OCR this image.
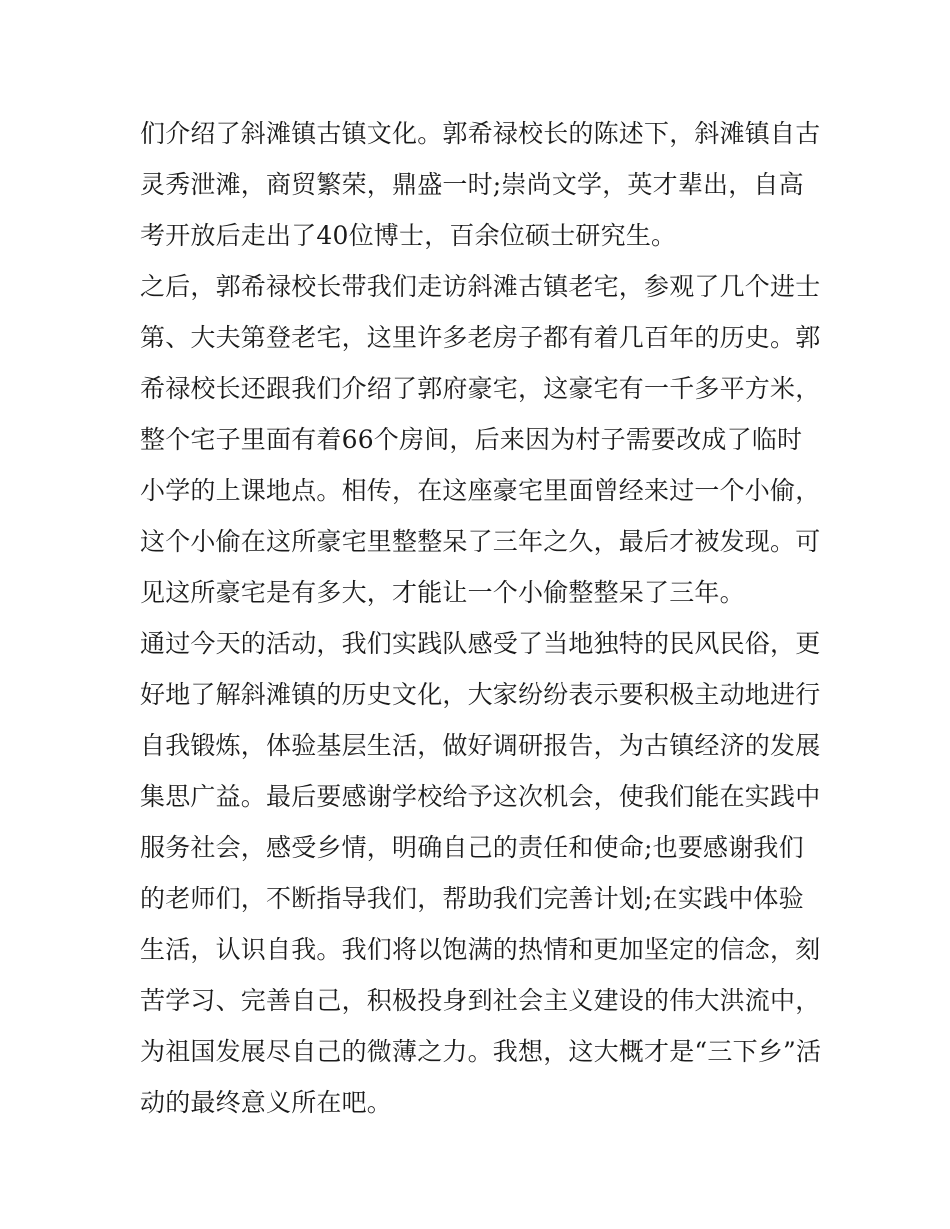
们介绍了斜滩镇古镇文化。郭希禄校长的陈述下，斜滩镇自古
灵秀泄滩，商贸繁荣，鼎盛一时;崇尚文学，英才辈出，自高
考开放后走出了40位博士，百余位硕士研究生。
之后，郭希禄校长带我们走访斜滩古镇老宅，参观了几个进士
第、大夫第登老宅，这里许多老房子都有着几百年的历史。郭
希禄校长还跟我们介绍了郭府豪宅，这豪宅有一千多平方米，
整个宅子里面有着66个房间，后来因为村子需要改成了临时
小学的上课地点。相传，在这座豪宅里面曾经来过一个小偷，
这个小偷在这所豪宅里整整呆了三年之久，最后才被发现。可
见这所豪宅是有多大，才能让一个小偷整整呆了三年。
通过今天的活动，我们实践队感受了当地独特的民风民俗，更
好地了解斜滩镇的历史文化，大家纷纷表示要积极主动地进行
自我锻炼，体验基层生活，做好调研报告，为古镇经济的发展
集思广益。最后要感谢学校给予这次机会，使我们能在实践中
服务社会，感受乡情，明确自己的责任和使命;也要感谢我们
的老师们，不断指导我们，帮助我们完善计划;在实践中体验
生活，认识自我。我们将以饱满的热情和更加坚定的信念，刻
苦学习、完善自己，积极投身到社会主义建设的伟大洪流中，
为祖国发展尽自己的微薄之力。我想，这大概才是“三下乡”活
动的最终意义所在吧。
